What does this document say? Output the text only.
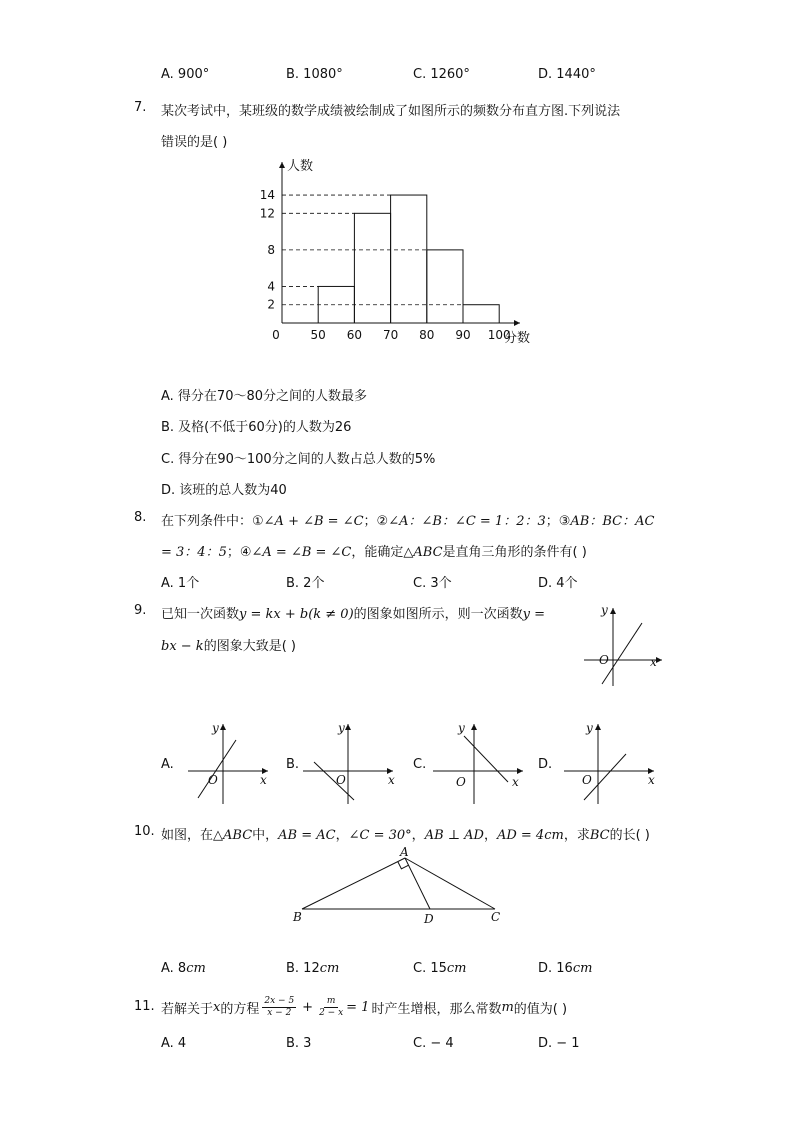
A. 900°	B. 1080°	C. 1260°	D. 1440°
7. 某次考试中，某班级的数学成绩被绘制成了如图所示的频数分布直方图.下列说法
错误的是( )
2
4
8
12
14
50 60 70 80 90 100
0
人数
分数
A. 得分在70～80分之间的人数最多
B. 及格(不低于60分)的人数为26
C. 得分在90～100分之间的人数占总人数的5%
D. 该班的总人数为40
8. 在下列条件中：①∠A + ∠B = ∠C；②∠A：∠B：∠C = 1：2：3；③AB：BC：AC
= 3：4：5；④∠A = ∠B = ∠C，能确定△ABC是直角三角形的条件有( )
A. 1个	B. 2个	C. 3个	D. 4个
9. 已知一次函数y = kx + b(k ≠ 0)的图象如图所示，则一次函数y =
bx − k的图象大致是( )
x
y
O
A.
x
y
O
B.
x
y
O
C.
x
y
O
D.
x
y
O
10. 如图，在△ABC中，AB = AC，∠C = 30°，AB ⊥ AD，AD = 4cm，求BC的长( )
A
B	D	C
A. 8cm	B. 12cm	C. 15cm	D. 16cm
11. 若解关于 x 的方程 $\frac{2x - 5}{x - 2} + \frac{m}{2 - x} = 1$ 时产生增根，那么常数 m 的值为( )
A. 4	B. 3	C. − 4	D. − 1
